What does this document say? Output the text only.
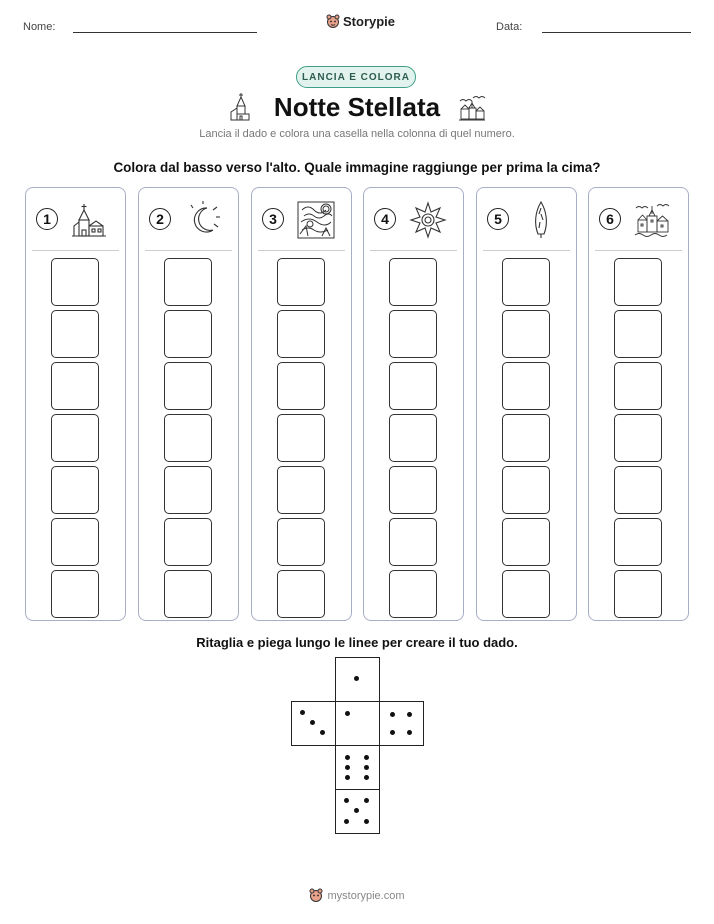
Nome:	Storypie	Data:
LANCIA E COLORA
Notte Stellata
Lancia il dado e colora una casella nella colonna di quel numero.
Colora dal basso verso l'alto. Quale immagine raggiunge per prima la cima?
1	2	3	4	5	6
Ritaglia e piega lungo le linee per creare il tuo dado.
mystorypie.com
